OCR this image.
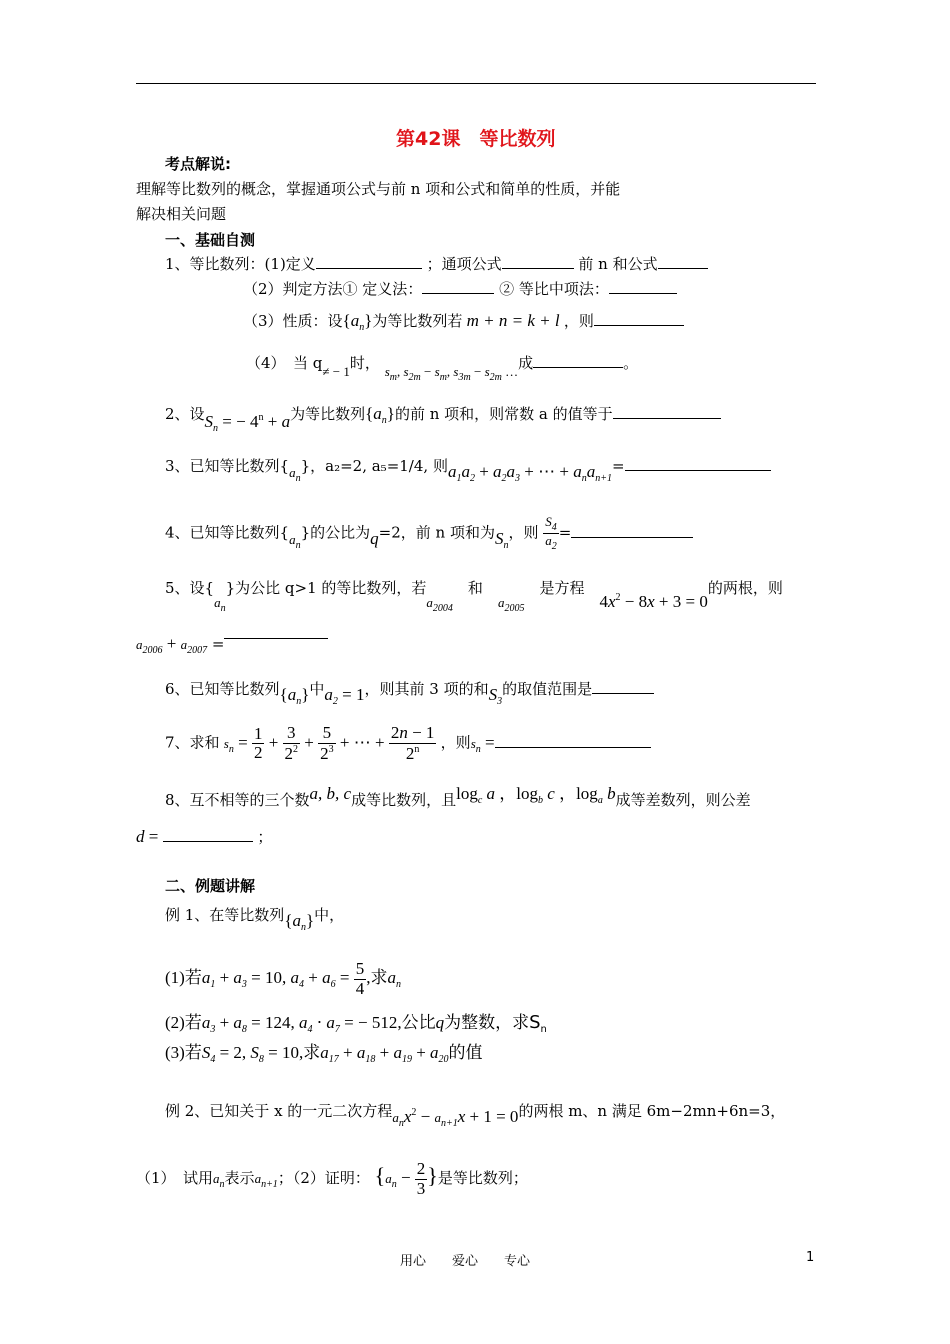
第42课　等比数列
考点解说:
理解等比数列的概念，掌握通项公式与前 n 项和公式和简单的性质，并能
解决相关问题
一、基础自测
1、等比数列：(1)定义	；通项公式	前 n 和公式
（2）判定方法① 定义法：	② 等比中项法：
（3）性质：设$\{a_n\}$为等比数列若 m + n = k + l ，则
（4）　当 q≠ − 1时， $s_m$, $s_{2m} - s_m$, $s_{3m} - s_{2m}$ …成	。
2、设$S_n$ = − $4^n + a$为等比数列$\{a_n\}$的前 n 项和，则常数 a 的值等于
3、已知等比数列$\{a_n\}$，a₂=2, a₅=1/4, 则$a_1a_2 + a_2a_3$ + ⋯ + $a_na_{n+1}=$
4、已知等比数列$\{a_n\}$的公比为q=2，前 n 项和为$S_n$，则 $\frac{S_4}{a_2}$ =
5、设$\{a_n\}$为公比 q>1 的等比数列，若$a_{2004}$　和　$a_{2005}$　是方程　$4x^2 - 8x + 3 = 0$的两根，则
$a_{2006} + a_{2007}$ =
6、已知等比数列$\{a_n\}$中$a_2 = 1$，则其前 3 项的和$S_3$的取值范围是
7、求和 $s_n = \frac{1}{2} + \frac{3}{2^2} + \frac{5}{2^3}$ + ⋯ + $\frac{2n - 1}{2^n}$ ，则$s_n$ =
8、互不相等的三个数a, b, c成等比数列，且$\log_c a$ ，$\log_b c$ ，$\log_a b$成等差数列，则公差
d =	；
二、例题讲解
例 1、在等比数列$\{a_n\}$中，
(1)若$a_1 + a_3 = 10$, $a_4 + a_6 = \frac{5}{4}$ ,求$a_n$
(2)若$a_3 + a_8 = 124$, $a_4 \cdot a_7$ = − 512,公比q为整数，求$S_n$
(3)若$S_4 = 2$, $S_8 = 10$,求$a_{17} + a_{18} + a_{19} + a_{20}$的值
例 2、已知关于 x 的一元二次方程$a_nx^2 - a_{n+1}x + 1 = 0$的两根 m、n 满足 6m−2mn+6n=3，
（1）　试用$a_n$表示$a_{n+1}$；（2）证明： {$a_n - \frac{2}{3}$ }是等比数列；
用心　　爱心　　专心	1
